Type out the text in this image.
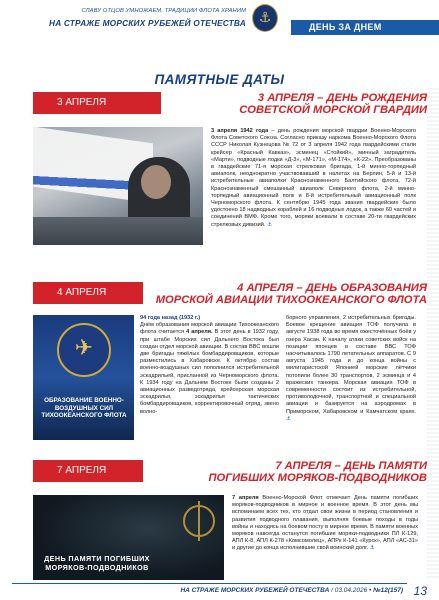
СЛАВУ ОТЦОВ УМНОЖАЕМ, ТРАДИЦИИ ФЛОТА ХРАНИМ
НА СТРАЖЕ МОРСКИХ РУБЕЖЕЙ ОТЕЧЕСТВА
⚓	ДЕНЬ ЗА ДНЕМ
ПАМЯТНЫЕ ДАТЫ
3 АПРЕЛЯ	3 АПРЕЛЯ – ДЕНЬ РОЖДЕНИЯ
СОВЕТСКОЙ МОРСКОЙ ГВАРДИИ
3 апреля 1942 года – день рождения морской гвардии Военно-Морского Флота Советского Союза. Согласно приказу наркома Военно-Морского Флота СССР Николая Кузнецова № 72 от 3 апреля 1942 года гвардейскими стали крейсер «Красный Кавказ», эсминец «Стойкий», минный заградитель «Марти», подводные лодки «Д-3», «М-171», «М-174», «К-22». Преобразованы в гвардейские 71-я морская стрелковая бригада, 1-й минно-торпедный авиаполк, неоднократно участвовавший в налетах на Берлин, 5-й и 13-й истребительные авиаполки Краснознаменного Балтийского флота, 72-й Краснознаменный смешанный авиаполк Северного флота, 2-й минно-торпедный авиационный полк и 8-й истребительный авиационный полк Черноморского флота. К сентябрю 1945 года звания гвардейских было удостоено 18 надводных кораблей и 16 подводных лодок, а также 60 частей и соединений ВМФ. Кроме того, моряки воевали в составе 20-ти гвардейских стрелковых дивизий. ⚓
4 АПРЕЛЯ	4 АПРЕЛЯ – ДЕНЬ ОБРАЗОВАНИЯ
МОРСКОЙ АВИАЦИИ ТИХООКЕАНСКОГО ФЛОТА
✈
ОБРАЗОВАНИЕ ВОЕННО-ВОЗДУШНЫХ СИЛ ТИХООКЕАНСКОГО ФЛОТА
94 года назад (1932 г.)
Днём образования морской авиации Тихоокеанского флота считается 4 апреля. В этот день в 1932 году, при штабе Морских сил Дальнего Востока был создан отдел морской авиации. В состав ВВС вошли две бригады тяжёлых бомбардировщиков, которые разместились в Хабаровске. К октябрю состав военно-воздушных сил пополнился истребительной эскадрильей, присланной из Черноморского флота. К 1934 году на Дальнем Востоке были созданы 2 авиационных разведотряда, крейсерская морская эскадрилья, эскадрилья тактических бомбардировщиков, корректировочный отряд, звено волно-
борного управления, 2 истребительных бригады. Боевое крещение авиация ТОФ получила в августе 1938 года во время ожесточённых боёв у озера Хасан. К началу атаки советских войск на позиции японцев в составе ВВС ТОФ насчитывалось 1790 летательных аппаратов. С 9 августа 1945 года и до конца войны с милитаристской Японией морские лётчики потопили более 30 транспортов, 2 эсминца и 4 вражеских танкера. Морская авиация ТОФ в современности состоит из истребительной, противолодочной, транспортной и специальной авиации и базируется на аэродромах в Приморском, Хабаровском и Камчатском краях. ⚓
7 АПРЕЛЯ	7 АПРЕЛЯ – ДЕНЬ ПАМЯТИ
ПОГИБШИХ МОРЯКОВ-ПОДВОДНИКОВ
ДЕНЬ ПАМЯТИ ПОГИБШИХ МОРЯКОВ-ПОДВОДНИКОВ
7 апреля Военно-Морской Флот отмечает День памяти погибших моряков-подводников в мирное и военное время. В этот день мы вспоминаем всех тех, кто отдал свои жизни в период становления и развития подводного плавания, выполняя боевые походы в годы войны и находясь на боевом посту в мирное время. В памяти военных моряков навсегда останутся погибшие моряки-подводники ПЛ К-129, АПЛ К-8, АПЛ К-278 «Комсомолец», АПРк К-141 «Курск», АПЛ «АС-31» и другие до конца исполнившие свой воинский долг. ⚓
НА СТРАЖЕ МОРСКИХ РУБЕЖЕЙ ОТЕЧЕСТВА / 03.04.2026 • №12(157) 13
